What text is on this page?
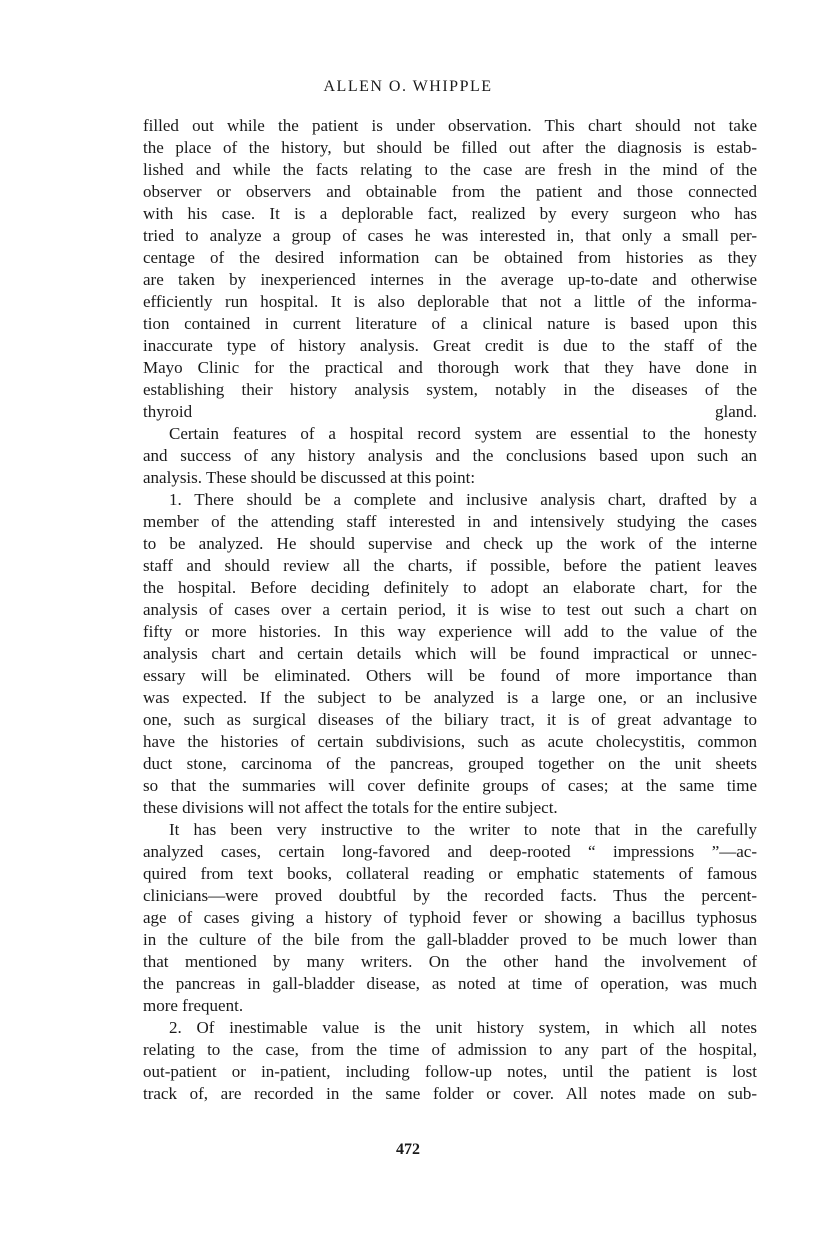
ALLEN O. WHIPPLE
filled out while the patient is under observation. This chart should not take
the place of the history, but should be filled out after the diagnosis is estab-
lished and while the facts relating to the case are fresh in the mind of the
observer or observers and obtainable from the patient and those connected
with his case. It is a deplorable fact, realized by every surgeon who has
tried to analyze a group of cases he was interested in, that only a small per-
centage of the desired information can be obtained from histories as they
are taken by inexperienced internes in the average up-to-date and otherwise
efficiently run hospital. It is also deplorable that not a little of the informa-
tion contained in current literature of a clinical nature is based upon this
inaccurate type of history analysis. Great credit is due to the staff of the
Mayo Clinic for the practical and thorough work that they have done in
establishing their history analysis system, notably in the diseases of the
thyroid gland.
Certain features of a hospital record system are essential to the honesty
and success of any history analysis and the conclusions based upon such an
analysis. These should be discussed at this point:
1. There should be a complete and inclusive analysis chart, drafted by a
member of the attending staff interested in and intensively studying the cases
to be analyzed. He should supervise and check up the work of the interne
staff and should review all the charts, if possible, before the patient leaves
the hospital. Before deciding definitely to adopt an elaborate chart, for the
analysis of cases over a certain period, it is wise to test out such a chart on
fifty or more histories. In this way experience will add to the value of the
analysis chart and certain details which will be found impractical or unnec-
essary will be eliminated. Others will be found of more importance than
was expected. If the subject to be analyzed is a large one, or an inclusive
one, such as surgical diseases of the biliary tract, it is of great advantage to
have the histories of certain subdivisions, such as acute cholecystitis, common
duct stone, carcinoma of the pancreas, grouped together on the unit sheets
so that the summaries will cover definite groups of cases; at the same time
these divisions will not affect the totals for the entire subject.
It has been very instructive to the writer to note that in the carefully
analyzed cases, certain long-favored and deep-rooted “ impressions ”—ac-
quired from text books, collateral reading or emphatic statements of famous
clinicians—were proved doubtful by the recorded facts. Thus the percent-
age of cases giving a history of typhoid fever or showing a bacillus typhosus
in the culture of the bile from the gall-bladder proved to be much lower than
that mentioned by many writers. On the other hand the involvement of
the pancreas in gall-bladder disease, as noted at time of operation, was much
more frequent.
2. Of inestimable value is the unit history system, in which all notes
relating to the case, from the time of admission to any part of the hospital,
out-patient or in-patient, including follow-up notes, until the patient is lost
track of, are recorded in the same folder or cover. All notes made on sub-
472
